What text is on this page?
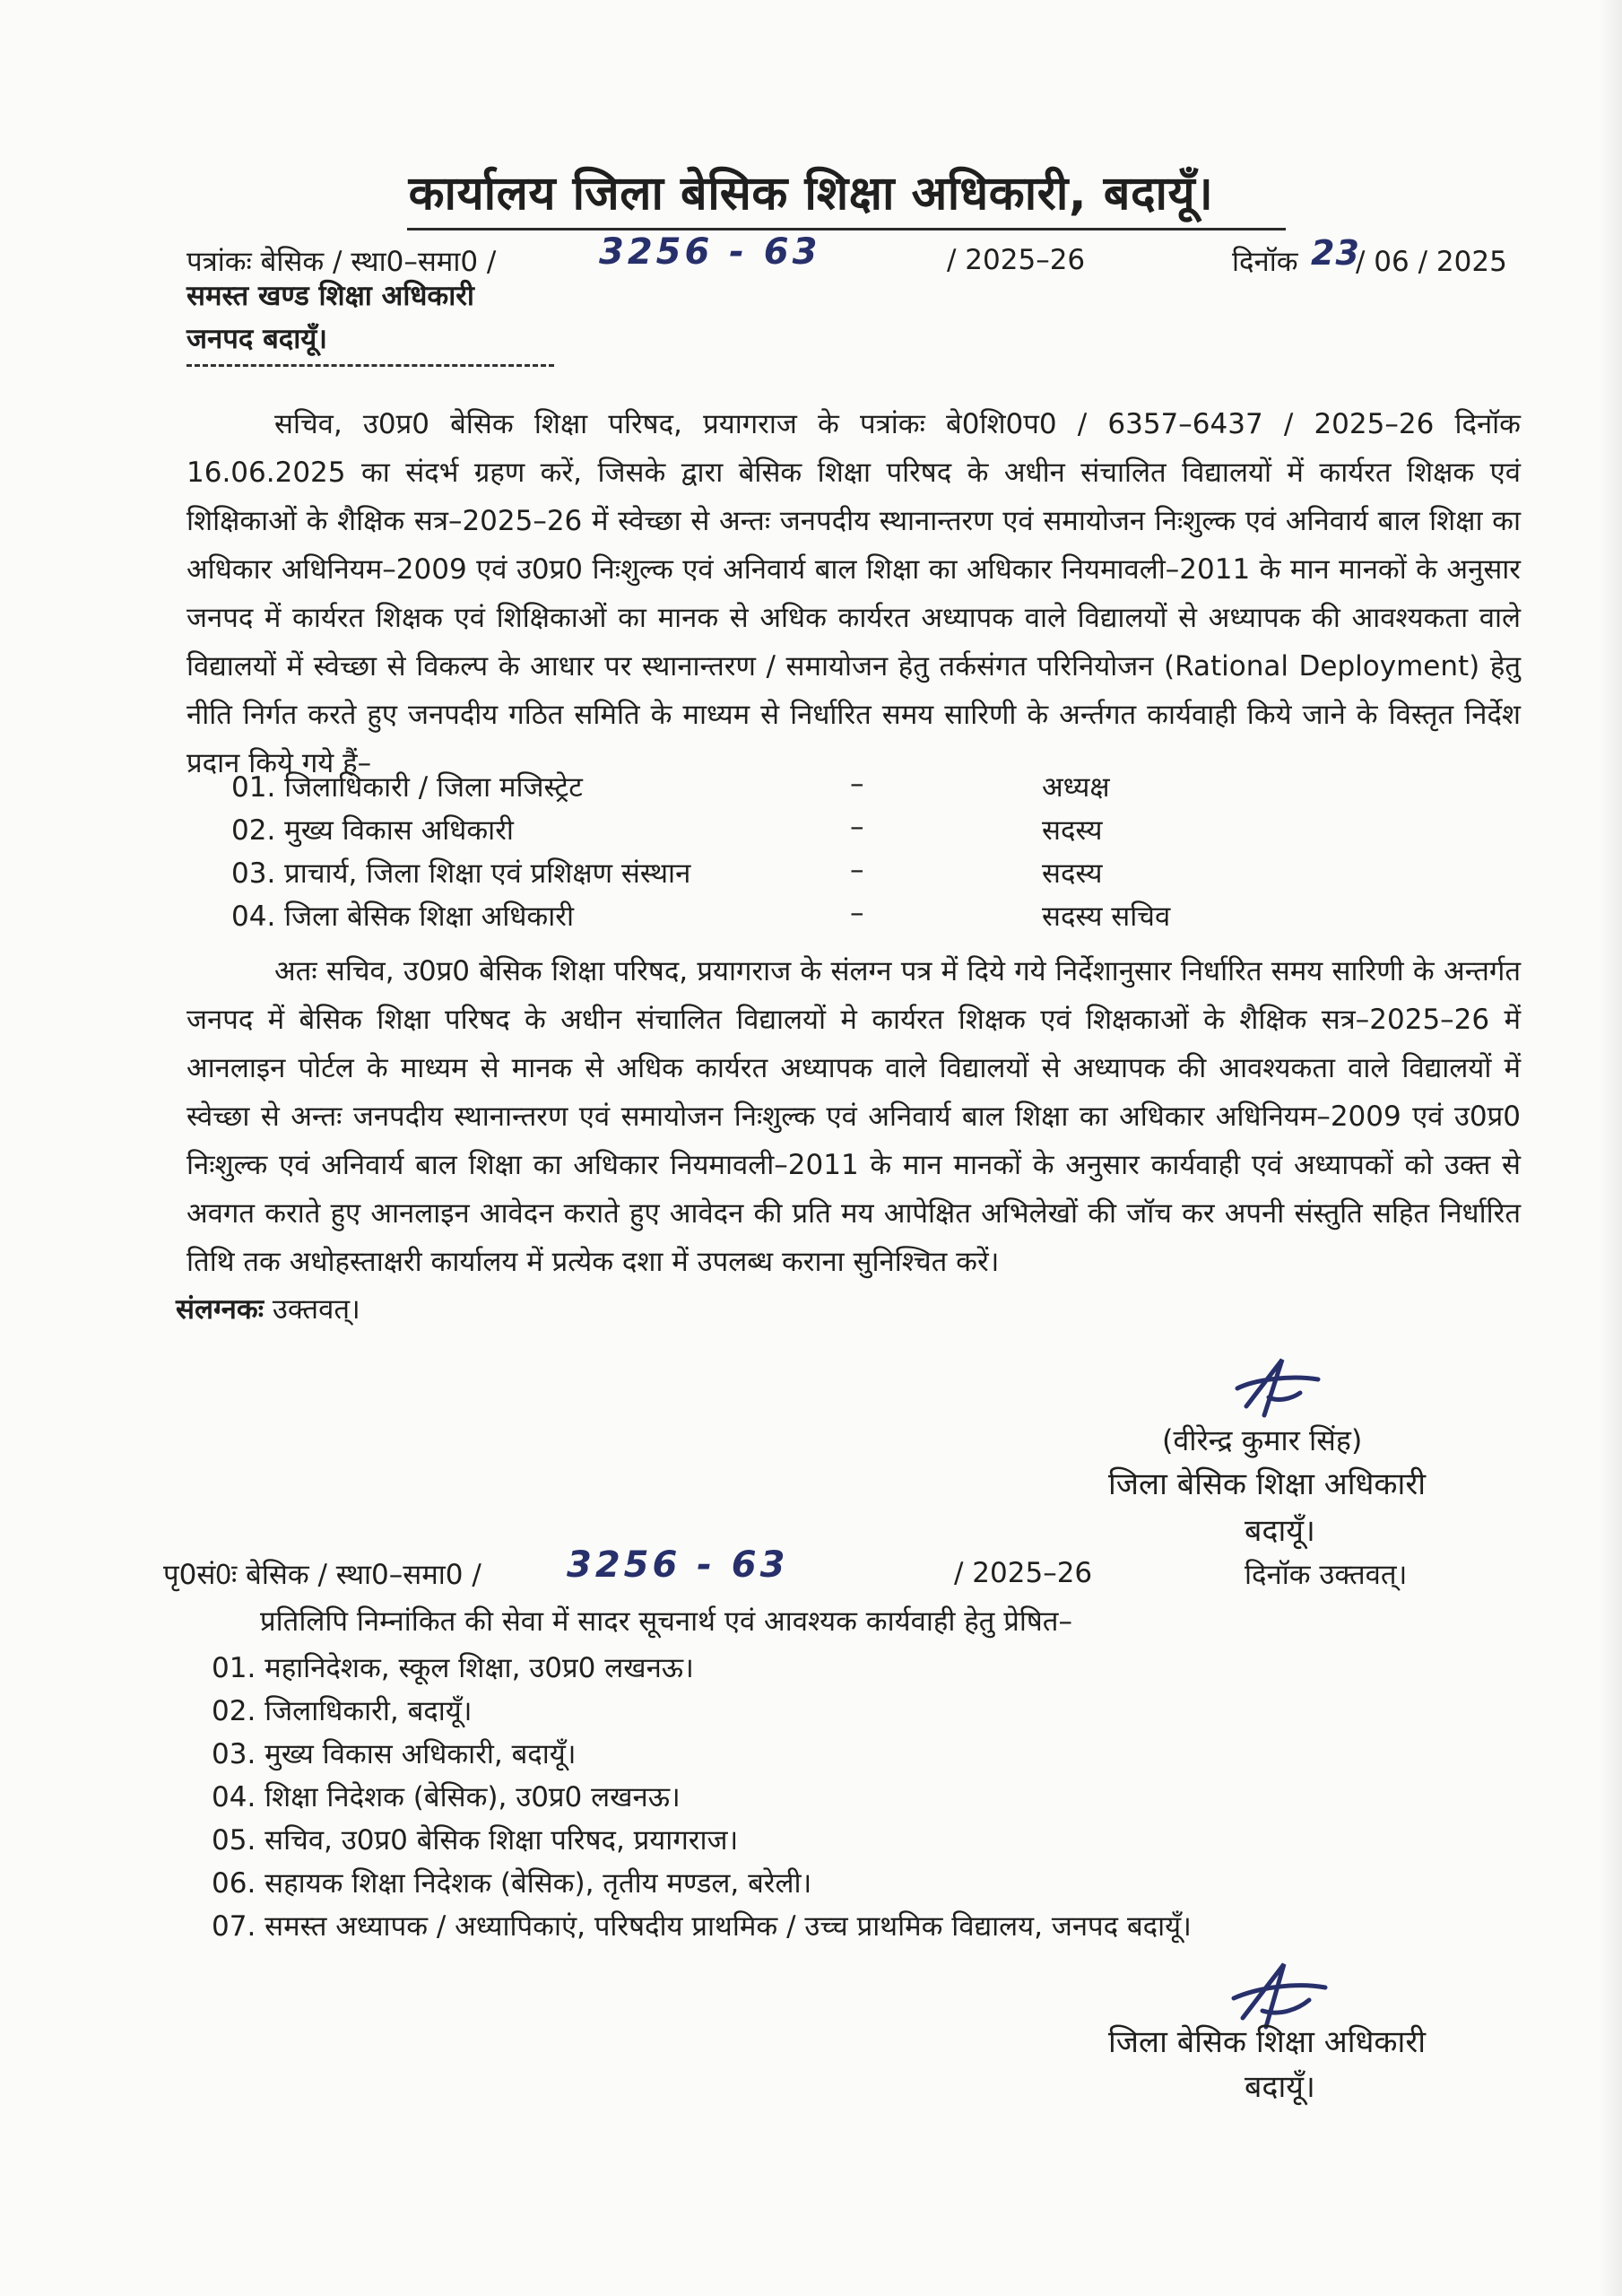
कार्यालय जिला बेसिक शिक्षा अधिकारी, बदायूँ।
पत्रांकः बेसिक / स्था0–समा0 /	3256 - 63	/ 2025–26	दिनॉक 23
/ 06 / 2025
समस्त खण्ड शिक्षा अधिकारी
जनपद बदायूँ।

सचिव, उ0प्र0 बेसिक शिक्षा परिषद, प्रयागराज के पत्रांकः बे0शि0प0 / 6357–6437 / 2025–26 दिनॉक 16.06.2025 का संदर्भ ग्रहण करें, जिसके द्वारा बेसिक शिक्षा परिषद के अधीन संचालित विद्यालयों में कार्यरत शिक्षक एवं शिक्षिकाओं के शैक्षिक सत्र–2025–26 में स्वेच्छा से अन्तः जनपदीय स्थानान्तरण एवं समायोजन निःशुल्क एवं अनिवार्य बाल शिक्षा का अधिकार अधिनियम–2009 एवं उ0प्र0 निःशुल्क एवं अनिवार्य बाल शिक्षा का अधिकार नियमावली–2011 के मान मानकों के अनुसार जनपद में कार्यरत शिक्षक एवं शिक्षिकाओं का मानक से अधिक कार्यरत अध्यापक वाले विद्यालयों से अध्यापक की आवश्यकता वाले विद्यालयों में स्वेच्छा से विकल्प के आधार पर स्थानान्तरण / समायोजन हेतु तर्कसंगत परिनियोजन (Rational Deployment) हेतु नीति निर्गत करते हुए जनपदीय गठित समिति के माध्यम से निर्धारित समय सारिणी के अर्न्तगत कार्यवाही किये जाने के विस्तृत निर्देश प्रदान किये गये हैं–

01. जिलाधिकारी / जिला मजिस्ट्रेट	–	अध्यक्ष
02. मुख्य विकास अधिकारी	–	सदस्य
03. प्राचार्य, जिला शिक्षा एवं प्रशिक्षण संस्थान	–	सदस्य
04. जिला बेसिक शिक्षा अधिकारी	–	सदस्य सचिव

अतः सचिव, उ0प्र0 बेसिक शिक्षा परिषद, प्रयागराज के संलग्न पत्र में दिये गये निर्देशानुसार निर्धारित समय सारिणी के अन्तर्गत जनपद में बेसिक शिक्षा परिषद के अधीन संचालित विद्यालयों मे कार्यरत शिक्षक एवं शिक्षकाओं के शैक्षिक सत्र–2025–26 में आनलाइन पोर्टल के माध्यम से मानक से अधिक कार्यरत अध्यापक वाले विद्यालयों से अध्यापक की आवश्यकता वाले विद्यालयों में स्वेच्छा से अन्तः जनपदीय स्थानान्तरण एवं समायोजन निःशुल्क एवं अनिवार्य बाल शिक्षा का अधिकार अधिनियम–2009 एवं उ0प्र0 निःशुल्क एवं अनिवार्य बाल शिक्षा का अधिकार नियमावली–2011 के मान मानकों के अनुसार कार्यवाही एवं अध्यापकों को उक्त से अवगत कराते हुए आनलाइन आवेदन कराते हुए आवेदन की प्रति मय आपेक्षित अभिलेखों की जॉच कर अपनी संस्तुति सहित निर्धारित तिथि तक अधोहस्ताक्षरी कार्यालय में प्रत्येक दशा में उपलब्ध कराना सुनिश्चित करें।

संलग्नकः उक्तवत्।
(वीरेन्द्र कुमार सिंह)
जिला बेसिक शिक्षा अधिकारी
बदायूँ।
पृ0सं0ः बेसिक / स्था0–समा0 / 3256 - 63	/ 2025–26	दिनॉक उक्तवत्।
प्रतिलिपि निम्नांकित की सेवा में सादर सूचनार्थ एवं आवश्यक कार्यवाही हेतु प्रेषित–
01. महानिदेशक, स्कूल शिक्षा, उ0प्र0 लखनऊ।
02. जिलाधिकारी, बदायूँ।
03. मुख्य विकास अधिकारी, बदायूँ।
04. शिक्षा निदेशक (बेसिक), उ0प्र0 लखनऊ।
05. सचिव, उ0प्र0 बेसिक शिक्षा परिषद, प्रयागराज।
06. सहायक शिक्षा निदेशक (बेसिक), तृतीय मण्डल, बरेली।
07. समस्त अध्यापक / अध्यापिकाएं, परिषदीय प्राथमिक / उच्च प्राथमिक विद्यालय, जनपद बदायूँ।
जिला बेसिक शिक्षा अधिकारी
बदायूँ।
